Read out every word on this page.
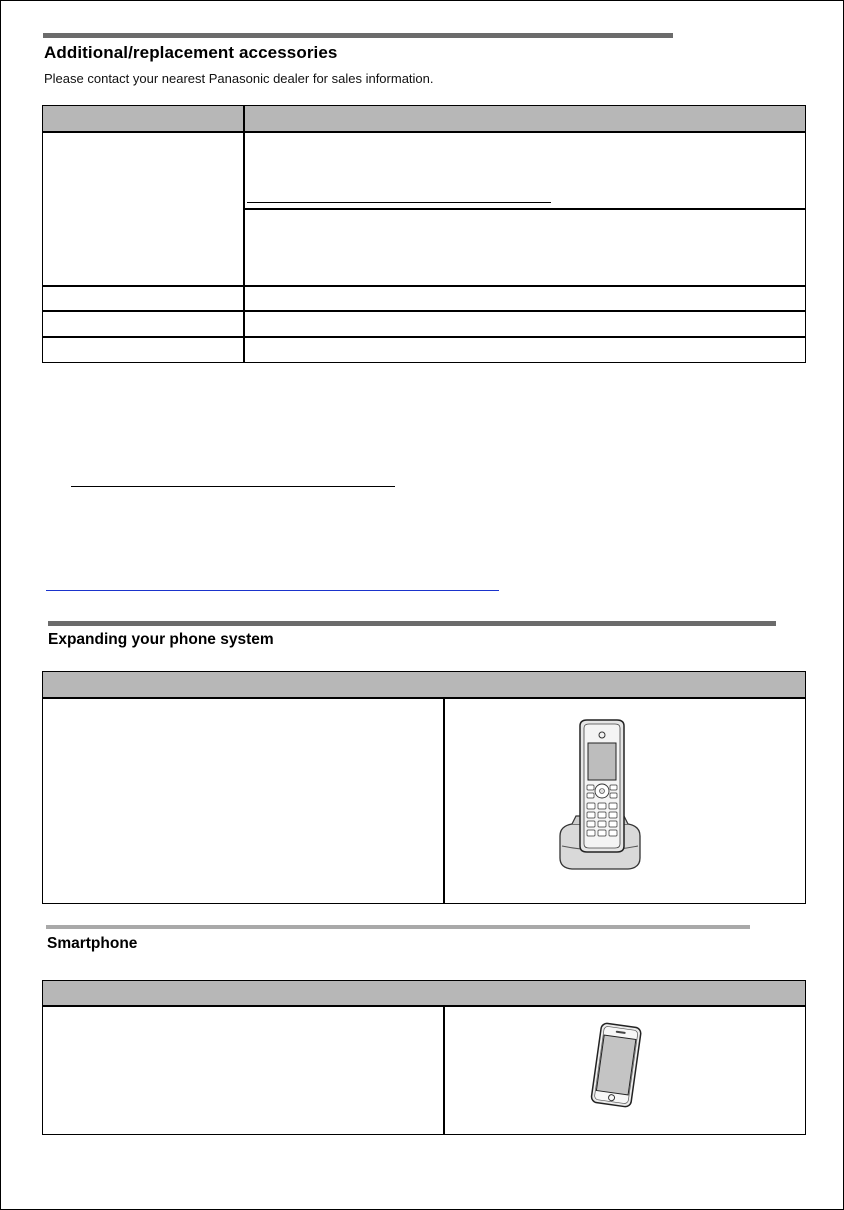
Additional/replacement accessories
Please contact your nearest Panasonic dealer for sales information.
Expanding your phone system
Smartphone
